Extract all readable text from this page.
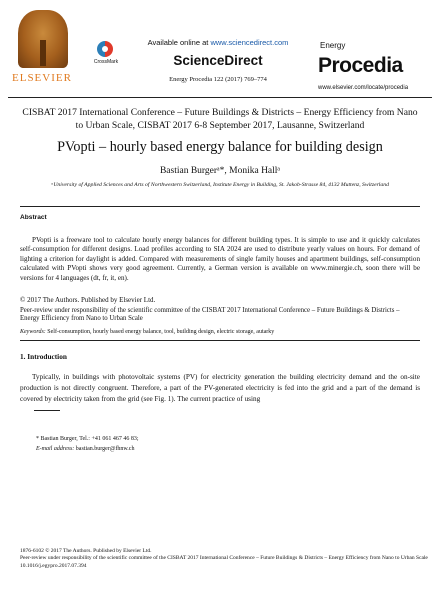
ELSEVIER
CrossMark
Available online at www.sciencedirect.com
ScienceDirect
Energy Procedia 122 (2017) 769–774
Energy
Procedia
www.elsevier.com/locate/procedia
CISBAT 2017 International Conference – Future Buildings & Districts – Energy Efficiency from Nano to Urban Scale, CISBAT 2017 6-8 September 2017, Lausanne, Switzerland
PVopti – hourly based energy balance for building design
Bastian Burgerᵃ*, Monika Hallᵃ
ᵃUniversity of Applied Sciences and Arts of Northwestern Switzerland, Institute Energy in Building, St. Jakob-Strasse 84, 4132 Muttenz, Switzerland
Abstract
PVopti is a freeware tool to calculate hourly energy balances for different building types. It is simple to use and it quickly calculates self-consumption for different designs. Load profiles according to SIA 2024 are used to distribute yearly values on hours. For demand of lighting a criterion for daylight is added. Compared with measurements of single family houses and apartment buildings, self-consumption calculated with PVopti shows very good agreement. Currently, a German version is available on www.minergie.ch, soon there will be versions for 4 languages (dt, fr, it, en).
© 2017 The Authors. Published by Elsevier Ltd.
Peer-review under responsibility of the scientific committee of the CISBAT 2017 International Conference – Future Buildings & Districts – Energy Efficiency from Nano to Urban Scale
Keywords: Self-consumption, hourly based energy balance, tool, building design, electric storage, autarky
1. Introduction
Typically, in buildings with photovoltaic systems (PV) for electricity generation the building electricity demand and the on-site production is not directly congruent. Therefore, a part of the PV-generated electricity is fed into the grid and a part of the demand is covered by electricity taken from the grid (see Fig. 1). The current practice of using
* Bastian Burger, Tel.: +41 061 467 46 83;
E-mail address: bastian.burger@fhnw.ch
1876-6102 © 2017 The Authors. Published by Elsevier Ltd.
Peer-review under responsibility of the scientific committee of the CISBAT 2017 International Conference – Future Buildings & Districts – Energy Efficiency from Nano to Urban Scale
10.1016/j.egypro.2017.07.394
